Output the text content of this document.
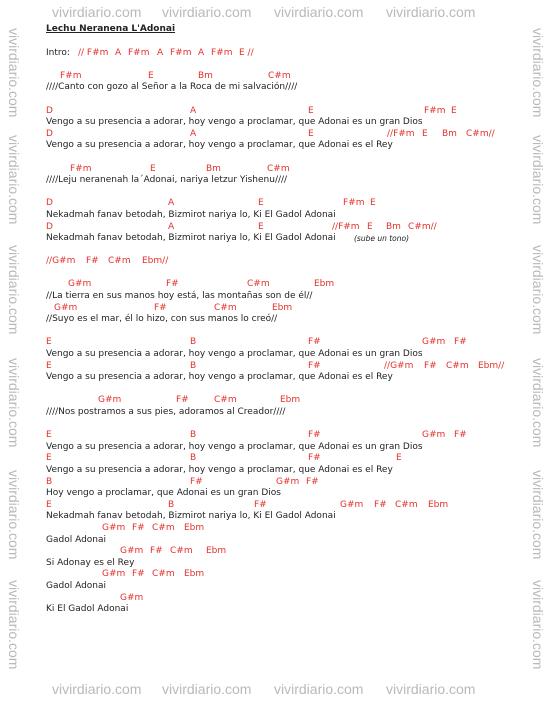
vivirdiario.com vivirdiario.com vivirdiario.com vivirdiario.com
vivirdiario.com vivirdiario.com vivirdiario.com vivirdiario.com
vivirdiario.com
vivirdiario.com
vivirdiario.com
vivirdiario.com
vivirdiario.com
vivirdiario.com
vivirdiario.com
vivirdiario.com
vivirdiario.com
vivirdiario.com
vivirdiario.com
vivirdiario.com
Lechu Neranena L'Adonai

Intro:

// F#m

A

F#m

A

F#m

A

F#m

E //

F#m

	E

	Bm

	C#m

////Canto con gozo al Señor a la Roca de mi salvación////

D

	A

	E

	F#m

E

Vengo a su presencia a adorar, hoy vengo a proclamar, que Adonai es un gran Dios

D

	A

	E

	//F#m

E

Bm

C#m//

Vengo a su presencia a adorar, hoy vengo a proclamar, que Adonai es el Rey

F#m

	E

	Bm

	C#m

////Leju neranenah la´Adonai, nariya letzur Yishenu////

D

	A

	E

	F#m

E

Nekadmah fanav betodah, Bizmirot nariya lo, Ki El Gadol Adonai

D

	A

	E

	//F#m

E

Bm

C#m//

Nekadmah fanav betodah, Bizmirot nariya lo, Ki El Gadol Adonai

(sube un tono)

//G#m

F#

C#m

Ebm//

G#m

	F#

	C#m

	Ebm

//La tierra en sus manos hoy está, las montañas son de él//

G#m

	F#

	C#m

	Ebm

//Suyo es el mar, él lo hizo, con sus manos lo creó//

E

	B

	F#

	G#m

F#

Vengo a su presencia a adorar, hoy vengo a proclamar, que Adonai es un gran Dios

E

	B

	F#

	//G#m

F#

C#m

Ebm//

Vengo a su presencia a adorar, hoy vengo a proclamar, que Adonai es el Rey

G#m

	F#

	C#m

	Ebm

////Nos postramos a sus pies, adoramos al Creador////

E

	B

	F#

	G#m

F#

Vengo a su presencia a adorar, hoy vengo a proclamar, que Adonai es un gran Dios

E

	B

	F#

	E

Vengo a su presencia a adorar, hoy vengo a proclamar, que Adonai es el Rey

B

	F#

	G#m

F#

Hoy vengo a proclamar, que Adonai es un gran Dios

E

	B

	F#

	G#m

F#

C#m

Ebm

Nekadmah fanav betodah, Bizmirot nariya lo, Ki El Gadol Adonai

G#m

F#

C#m

Ebm

Gadol Adonai

G#m

F#

C#m

Ebm

Si Adonay es el Rey

G#m

F#

C#m

Ebm

Gadol Adonai

G#m

Ki El Gadol Adonai
